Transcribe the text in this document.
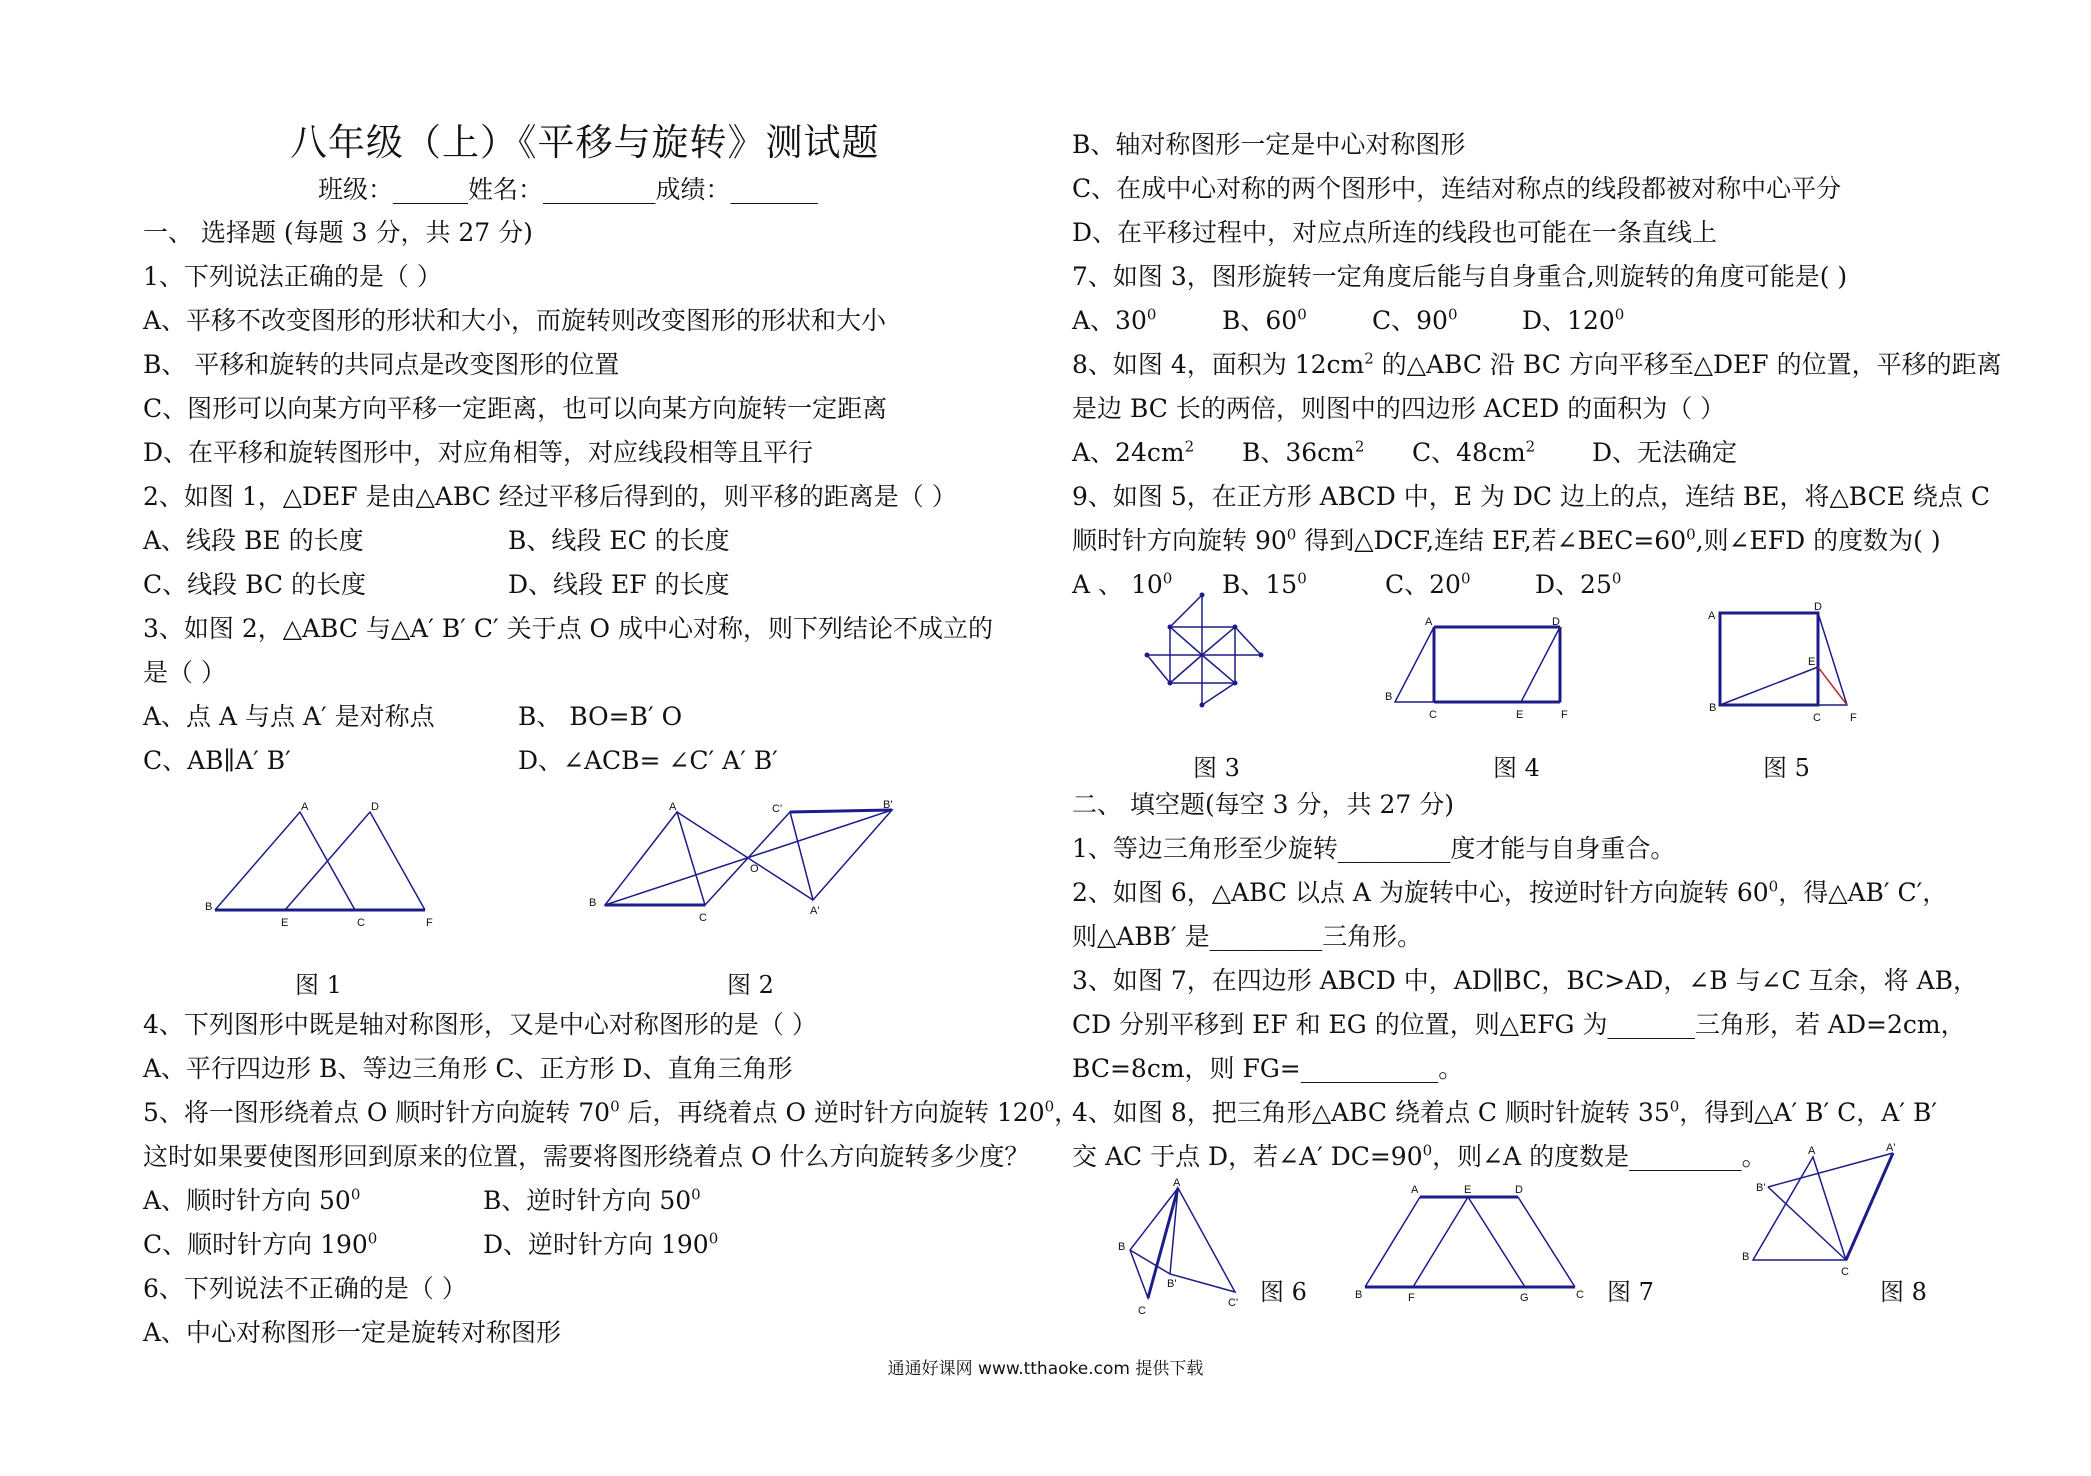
八年级（上）《平移与旋转》测试题
班级：______姓名：_________成绩：_______
一、 选择题 (每题 3 分，共 27 分)
1、下列说法正确的是（ ）
A、平移不改变图形的形状和大小，而旋转则改变图形的形状和大小
B、 平移和旋转的共同点是改变图形的位置
C、图形可以向某方向平移一定距离，也可以向某方向旋转一定距离
D、在平移和旋转图形中，对应角相等，对应线段相等且平行
2、如图 1，△DEF 是由△ABC 经过平移后得到的，则平移的距离是（ ）
A、线段 BE 的长度	B、线段 EC 的长度
C、线段 BC 的长度	D、线段 EF 的长度
3、如图 2，△ABC 与△A′ B′ C′ 关于点 O 成中心对称，则下列结论不成立的
是（ ）
A、点 A 与点 A′ 是对称点	B、 BO=B′ O
C、AB∥A′ B′	D、∠ACB= ∠C′ A′ B′
A	D
B
E	C	F
图 1
A	C'	B'
O
B
C
A'
图 2
4、下列图形中既是轴对称图形，又是中心对称图形的是（ ）
A、平行四边形 B、等边三角形 C、正方形 D、直角三角形
5、将一图形绕着点 O 顺时针方向旋转 $70^0$ 后，再绕着点 O 逆时针方向旋转 $120^0$，
这时如果要使图形回到原来的位置，需要将图形绕着点 O 什么方向旋转多少度？
A、顺时针方向 $50^0$	B、逆时针方向 $50^0$
C、顺时针方向 $190^0$	D、逆时针方向 $190^0$
6、下列说法不正确的是（ ）
A、中心对称图形一定是旋转对称图形
B、轴对称图形一定是中心对称图形
C、在成中心对称的两个图形中，连结对称点的线段都被对称中心平分
D、在平移过程中，对应点所连的线段也可能在一条直线上
7、如图 3，图形旋转一定角度后能与自身重合,则旋转的角度可能是( )
A、$30^0$	B、$60^0$	C、$90^0$	D、$120^0$
8、如图 4，面积为 $12cm^2$ 的△ABC 沿 BC 方向平移至△DEF 的位置，平移的距离
是边 BC 长的两倍，则图中的四边形 ACED 的面积为（ ）
A、$24cm^2$ B、$36cm^2$ C、$48cm^2$ D、无法确定
9、如图 5，在正方形 ABCD 中，E 为 DC 边上的点，连结 BE，将△BCE 绕点 C
顺时针方向旋转 $90^0$ 得到△DCF,连结 EF,若$\angle BEC=60^0$,则∠EFD 的度数为( )
A 、 $10^0$ B、$15^0$	C、$20^0$	D、$25^0$
图 3
A	D
B
C	E	F
图 4
A
D
E
B
C	F
图 5
二、 填空题(每空 3 分，共 27 分)
1、等边三角形至少旋转_________度才能与自身重合。
2、如图 6，△ABC 以点 A 为旋转中心，按逆时针方向旋转 $60^0$，得△AB′ C′，
则△ABB′ 是_________三角形。
3、如图 7，在四边形 ABCD 中，AD∥BC，BC>AD，∠B 与∠C 互余，将 AB，
CD 分别平移到 EF 和 EG 的位置，则△EFG 为_______三角形，若 AD=2cm，
BC=8cm，则 FG=___________。
4、如图 8，把三角形△ABC 绕着点 C 顺时针旋转 $35^0$，得到△A′ B′ C，A′ B′
交 AC 于点 D，若∠A′ $DC=90^0$，则∠A 的度数是_________。
A
B
B'
C
C' 图 6
A	E	D
B	F	G	C 图 7
A	A'
B'
B
C
图 8
通通好课网 www.tthaoke.com 提供下载
